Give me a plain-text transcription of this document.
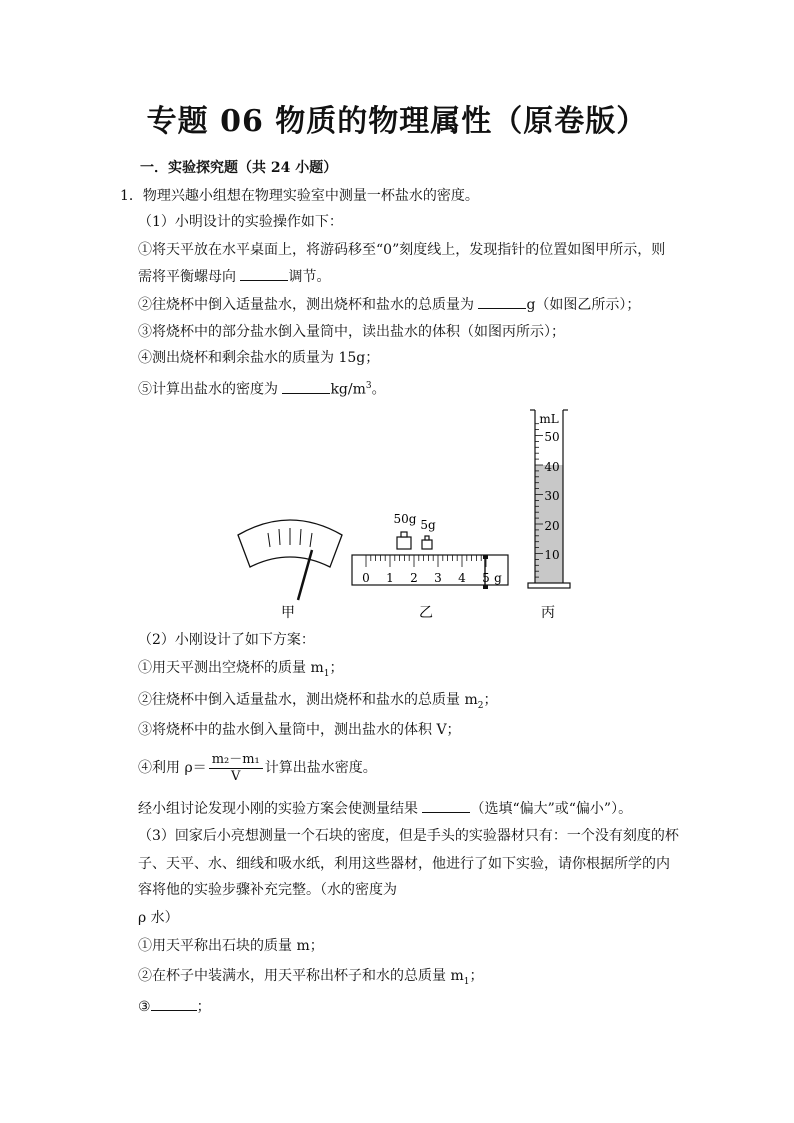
专题 06 物质的物理属性（原卷版）
一．实验探究题（共 24 小题）
1．物理兴趣小组想在物理实验室中测量一杯盐水的密度。
（1）小明设计的实验操作如下：
①将天平放在水平桌面上，将游码移至“0”刻度线上，发现指针的位置如图甲所示，则
需将平衡螺母向	调节。
②往烧杯中倒入适量盐水，测出烧杯和盐水的总质量为	g（如图乙所示）；
③将烧杯中的部分盐水倒入量筒中，读出盐水的体积（如图丙所示）；
④测出烧杯和剩余盐水的质量为 15g；
⑤计算出盐水的密度为	$kg/m^3$。
甲
50g 5g
0 1 2 3 4 5 g
乙
mL
50
40
30
20
10
丙
（2）小刚设计了如下方案：
①用天平测出空烧杯的质量 $m_1$；
②往烧杯中倒入适量盐水，测出烧杯和盐水的总质量 $m_2$；
③将烧杯中的盐水倒入量筒中，测出盐水的体积 V；
④利用 $\rho= \frac{\text{m₂－m₁}}{V}$ 计算出盐水密度。
经小组讨论发现小刚的实验方案会使测量结果	（选填“偏大”或“偏小”）。
（3）回家后小亮想测量一个石块的密度，但是手头的实验器材只有：一个没有刻度的杯
子、天平、水、细线和吸水纸，利用这些器材，他进行了如下实验，请你根据所学的内
容将他的实验步骤补充完整。（水的密度为
ρ 水）
①用天平称出石块的质量 m；
②在杯子中装满水，用天平称出杯子和水的总质量 $m_1$；
③	；
